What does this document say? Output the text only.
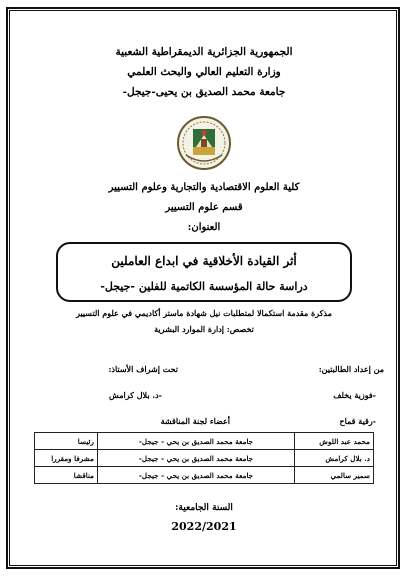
الجمهورية الجزائرية الديمقراطية الشعبية
وزارة التعليم العالي والبحث العلمي
جامعة محمد الصديق بن يحيى-جيجل-
كلية العلوم الاقتصادية والتجارية وعلوم التسيير
قسم علوم التسيير
العنوان:
أثر القيادة الأخلاقية في ابداع العاملين
دراسة حالة المؤسسة الكاتمية للفلين -جيجل-
مذكرة مقدمة استكمالا لمتطلبات نيل شهادة ماستر أكاديمي في علوم التسيير
تخصص: إدارة الموارد البشرية
من إعداد الطالبتين:
تحت إشراف الأستاذ:
-فوزية يخلف
-د. بلال كرامش
-رقية قماح
أعضاء لجنة المناقشة
محمد عبد اللوش	جامعة محمد الصديق بن يحي - جيجل-	رئيسا
د. بلال كرامش	جامعة محمد الصديق بن يحي - جيجل-	مشرفا ومقررا
سمير سالمي	جامعة محمد الصديق بن يحي - جيجل-	مناقشا
السنة الجامعية:
2022/2021
